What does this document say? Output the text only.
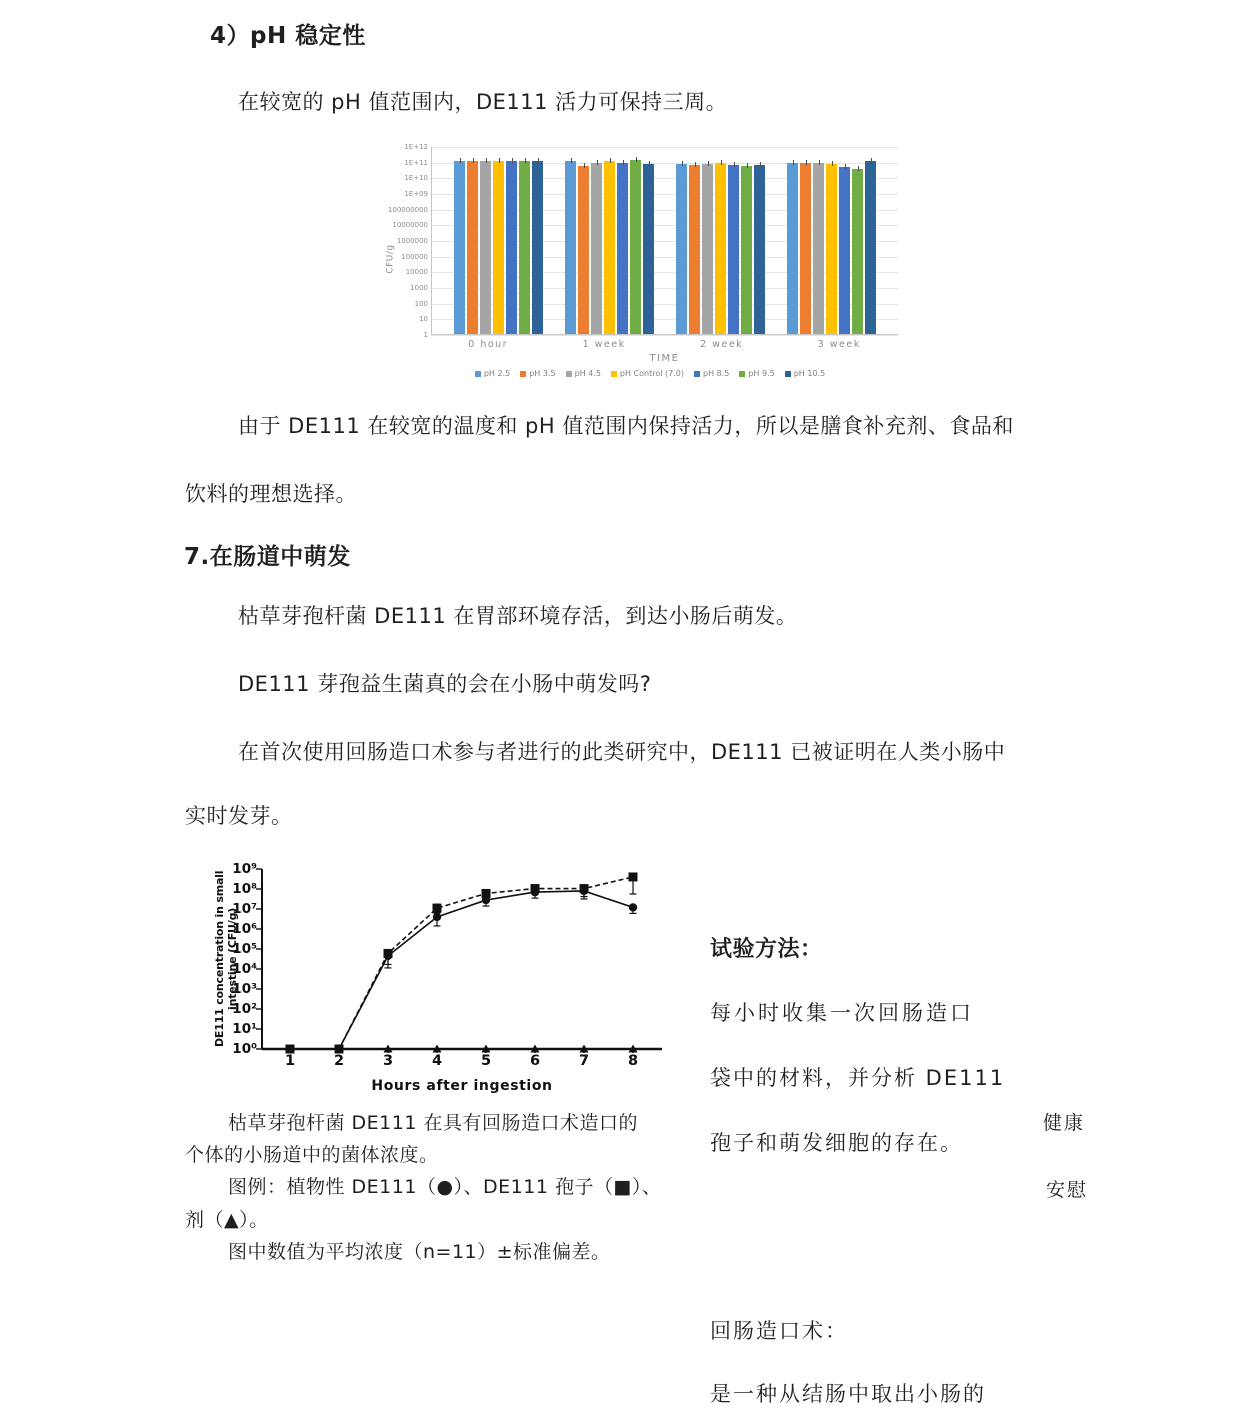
4）pH 稳定性
在较宽的 pH 值范围内，DE111 活力可保持三周。
CFU/g
1E+12
1E+11
1E+10
1E+09
100000000
10000000
1000000
100000
10000
1000
100
10
1
0 hour	1 week	2 week	3 week
TIME
pH 2.5 pH 3.5 pH 4.5 pH Control (7.0) pH 8.5 pH 9.5 pH 10.5
由于 DE111 在较宽的温度和 pH 值范围内保持活力，所以是膳食补充剂、食品和
饮料的理想选择。
7.在肠道中萌发
枯草芽孢杆菌 DE111 在胃部环境存活，到达小肠后萌发。
DE111 芽孢益生菌真的会在小肠中萌发吗?
在首次使用回肠造口术参与者进行的此类研究中，DE111 已被证明在人类小肠中
实时发芽。
DE111 concentration in small intestine (CFU/g)
10⁹
10⁸
10⁷
10⁶
10⁵
10⁴
10³
10²
10¹
10⁰
1	2	3	4	5	6	7	8
Hours after ingestion
枯草芽孢杆菌 DE111 在具有回肠造口术造口的
个体的小肠道中的菌体浓度。
图例：植物性 DE111（●）、DE111 孢子（■）、
剂（▲）。
图中数值为平均浓度（n=11）±标准偏差。
试验方法：
每小时收集一次回肠造口
袋中的材料，并分析 DE111
孢子和萌发细胞的存在。
健康
安慰
回肠造口术：
是一种从结肠中取出小肠的
